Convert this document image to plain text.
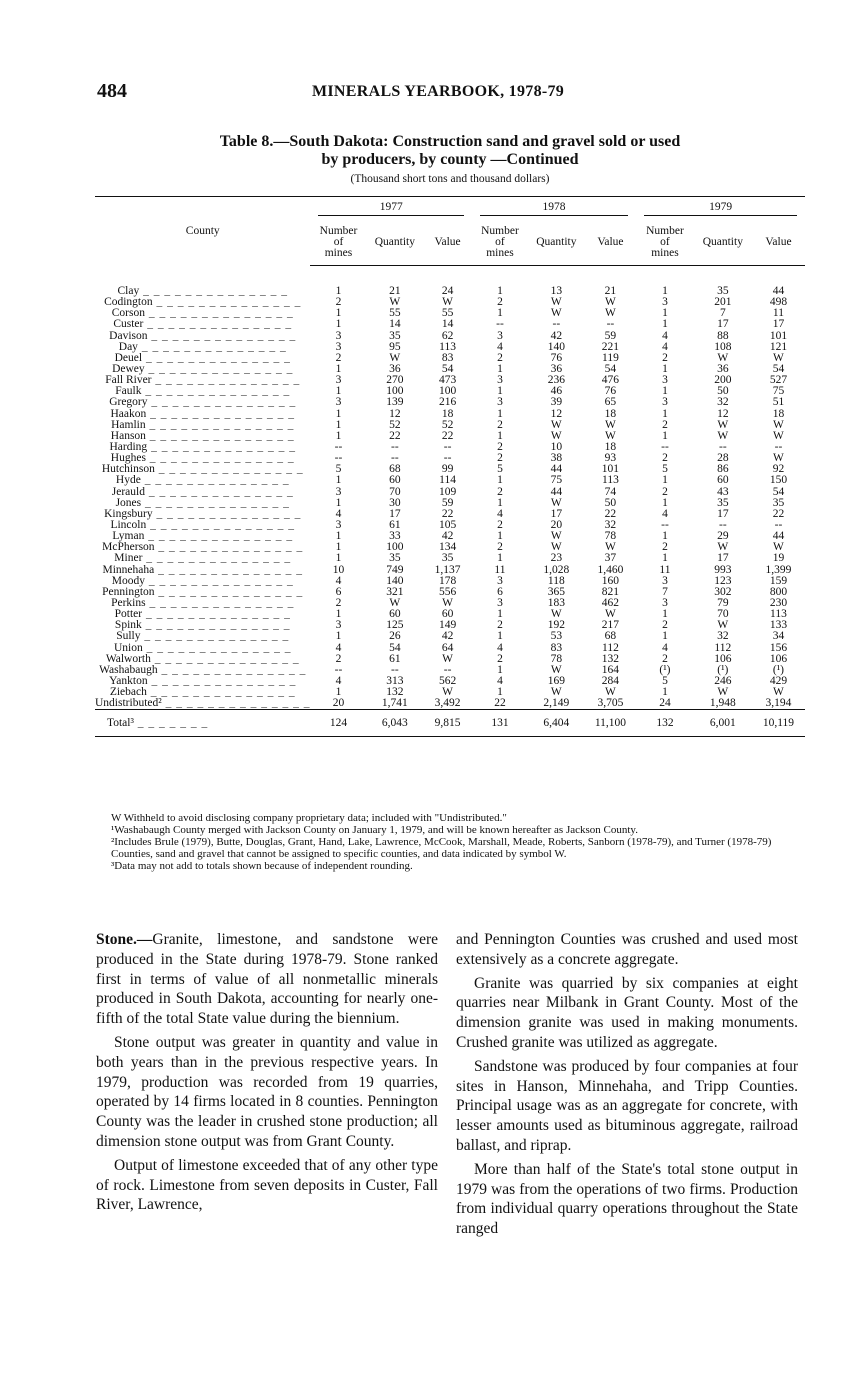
484	MINERALS YEARBOOK, 1978-79
Table 8.—South Dakota: Construction sand and gravel sold or used
by producers, by county —Continued
(Thousand short tons and thousand dollars)
County	1977			1978			1979		

	Number
of
mines	Quantity	Value	Number
of
mines	Quantity	Value	Number
of
mines	Quantity	Value

Clay _ _ _ _ _ _ _ _ _ _ _ _ _ _	1	21	24	1	13	21	1	35	44
Codington _ _ _ _ _ _ _ _ _ _ _ _ _ _	2	W	W	2	W	W	3	201	498
Corson _ _ _ _ _ _ _ _ _ _ _ _ _ _	1	55	55	1	W	W	1	7	11
Custer _ _ _ _ _ _ _ _ _ _ _ _ _ _	1	14	14	--	--	--	1	17	17
Davison _ _ _ _ _ _ _ _ _ _ _ _ _ _	3	35	62	3	42	59	4	88	101
Day _ _ _ _ _ _ _ _ _ _ _ _ _ _	3	95	113	4	140	221	4	108	121
Deuel _ _ _ _ _ _ _ _ _ _ _ _ _ _	2	W	83	2	76	119	2	W	W
Dewey _ _ _ _ _ _ _ _ _ _ _ _ _ _	1	36	54	1	36	54	1	36	54
Fall River _ _ _ _ _ _ _ _ _ _ _ _ _ _	3	270	473	3	236	476	3	200	527
Faulk _ _ _ _ _ _ _ _ _ _ _ _ _ _	1	100	100	1	46	76	1	50	75
Gregory _ _ _ _ _ _ _ _ _ _ _ _ _ _	3	139	216	3	39	65	3	32	51
Haakon _ _ _ _ _ _ _ _ _ _ _ _ _ _	1	12	18	1	12	18	1	12	18
Hamlin _ _ _ _ _ _ _ _ _ _ _ _ _ _	1	52	52	2	W	W	2	W	W
Hanson _ _ _ _ _ _ _ _ _ _ _ _ _ _	1	22	22	1	W	W	1	W	W
Harding _ _ _ _ _ _ _ _ _ _ _ _ _ _	--	--	--	2	10	18	--	--	--
Hughes _ _ _ _ _ _ _ _ _ _ _ _ _ _	--	--	--	2	38	93	2	28	W
Hutchinson _ _ _ _ _ _ _ _ _ _ _ _ _ _	5	68	99	5	44	101	5	86	92
Hyde _ _ _ _ _ _ _ _ _ _ _ _ _ _	1	60	114	1	75	113	1	60	150
Jerauld _ _ _ _ _ _ _ _ _ _ _ _ _ _	3	70	109	2	44	74	2	43	54
Jones _ _ _ _ _ _ _ _ _ _ _ _ _ _	1	30	59	1	W	50	1	35	35
Kingsbury _ _ _ _ _ _ _ _ _ _ _ _ _ _	4	17	22	4	17	22	4	17	22
Lincoln _ _ _ _ _ _ _ _ _ _ _ _ _ _	3	61	105	2	20	32	--	--	--
Lyman _ _ _ _ _ _ _ _ _ _ _ _ _ _	1	33	42	1	W	78	1	29	44
McPherson _ _ _ _ _ _ _ _ _ _ _ _ _ _	1	100	134	2	W	W	2	W	W
Miner _ _ _ _ _ _ _ _ _ _ _ _ _ _	1	35	35	1	23	37	1	17	19
Minnehaha _ _ _ _ _ _ _ _ _ _ _ _ _ _	10	749	1,137	11	1,028	1,460	11	993	1,399
Moody _ _ _ _ _ _ _ _ _ _ _ _ _ _	4	140	178	3	118	160	3	123	159
Pennington _ _ _ _ _ _ _ _ _ _ _ _ _ _	6	321	556	6	365	821	7	302	800
Perkins _ _ _ _ _ _ _ _ _ _ _ _ _ _	2	W	W	3	183	462	3	79	230
Potter _ _ _ _ _ _ _ _ _ _ _ _ _ _	1	60	60	1	W	W	1	70	113
Spink _ _ _ _ _ _ _ _ _ _ _ _ _ _	3	125	149	2	192	217	2	W	133
Sully _ _ _ _ _ _ _ _ _ _ _ _ _ _	1	26	42	1	53	68	1	32	34
Union _ _ _ _ _ _ _ _ _ _ _ _ _ _	4	54	64	4	83	112	4	112	156
Walworth _ _ _ _ _ _ _ _ _ _ _ _ _ _	2	61	W	2	78	132	2	106	106
Washabaugh _ _ _ _ _ _ _ _ _ _ _ _ _ _	--	--	--	1	W	164	(¹)	(¹)	(¹)
Yankton _ _ _ _ _ _ _ _ _ _ _ _ _ _	4	313	562	4	169	284	5	246	429
Ziebach _ _ _ _ _ _ _ _ _ _ _ _ _ _	1	132	W	1	W	W	1	W	W
Undistributed² _ _ _ _ _ _ _ _ _ _ _ _ _ _	20	1,741	3,492	22	2,149	3,705	24	1,948	3,194
Total³ _ _ _ _ _ _ _	124	6,043	9,815	131	6,404	11,100	132	6,001	10,119

W Withheld to avoid disclosing company proprietary data; included with "Undistributed."

¹Washabaugh County merged with Jackson County on January 1, 1979, and will be known hereafter as Jackson County.

²Includes Brule (1979), Butte, Douglas, Grant, Hand, Lake, Lawrence, McCook, Marshall, Meade, Roberts, Sanborn (1978-79), and Turner (1978-79) Counties, sand and gravel that cannot be assigned to specific counties, and data indicated by symbol W.

³Data may not add to totals shown because of independent rounding.

Stone.—Granite, limestone, and sandstone were produced in the State during 1978-79. Stone ranked first in terms of value of all nonmetallic minerals produced in South Dakota, accounting for nearly one-fifth of the total State value during the biennium.

Stone output was greater in quantity and value in both years than in the previous respective years. In 1979, production was recorded from 19 quarries, operated by 14 firms located in 8 counties. Pennington County was the leader in crushed stone production; all dimension stone output was from Grant County.

Output of limestone exceeded that of any other type of rock. Limestone from seven deposits in Custer, Fall River, Lawrence,

and Pennington Counties was crushed and used most extensively as a concrete aggregate.

Granite was quarried by six companies at eight quarries near Milbank in Grant County. Most of the dimension granite was used in making monuments. Crushed granite was utilized as aggregate.

Sandstone was produced by four companies at four sites in Hanson, Minnehaha, and Tripp Counties. Principal usage was as an aggregate for concrete, with lesser amounts used as bituminous aggregate, railroad ballast, and riprap.

More than half of the State's total stone output in 1979 was from the operations of two firms. Production from individual quarry operations throughout the State ranged
